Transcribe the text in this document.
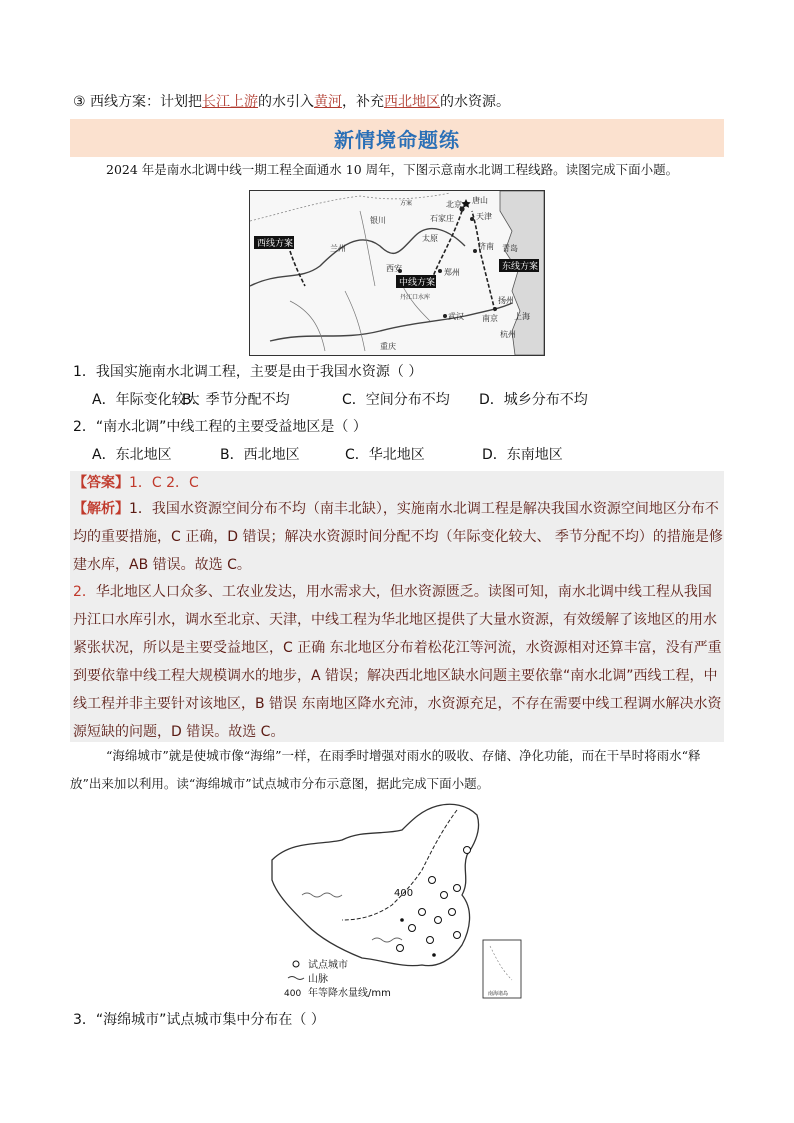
③ 西线方案：计划把长江上游的水引入黄河，补充西北地区的水资源。
新情境命题练
2024 年是南水北调中线一期工程全面通水 10 周年，下图示意南水北调工程线路。读图完成下面小题。
西线方案
中线方案
东线方案
北京 唐山
天津
石家庄
太原
银川
兰州
西安	郑州
济南 青岛
丹江口水库
武汉 南京 上海
杭州
扬州
重庆
方案
1．我国实施南水北调工程，主要是由于我国水资源（ ）
A．年际变化较大
B．季节分配不均	C．空间分布不均	D．城乡分布不均
2．“南水北调”中线工程的主要受益地区是（ ）
A．东北地区	B．西北地区	C．华北地区	D．东南地区
【答案】1．C 2．C
【解析】1．我国水资源空间分布不均（南丰北缺），实施南水北调工程是解决我国水资源空间地区分布不均的重要措施，C 正确，D 错误；解决水资源时间分配不均（年际变化较大、 季节分配不均）的措施是修建水库，AB 错误。故选 C。
2．华北地区人口众多、工农业发达，用水需求大，但水资源匮乏。读图可知，南水北调中线工程从我国丹江口水库引水，调水至北京、天津，中线工程为华北地区提供了大量水资源，有效缓解了该地区的用水紧张状况，所以是主要受益地区，C 正确 东北地区分布着松花江等河流，水资源相对还算丰富，没有严重到要依靠中线工程大规模调水的地步，A 错误；解决西北地区缺水问题主要依靠“南水北调”西线工程，中线工程并非主要针对该地区，B 错误 东南地区降水充沛，水资源充足，不存在需要中线工程调水解决水资源短缺的问题，D 错误。故选 C。
“海绵城市”就是使城市像“海绵”一样，在雨季时增强对雨水的吸收、存储、净化功能，而在干旱时将雨水“释放”出来加以利用。读“海绵城市”试点城市分布示意图，据此完成下面小题。
400
试点城市
山脉
400 年等降水量线/mm	南海诸岛
3．“海绵城市”试点城市集中分布在（ ）
